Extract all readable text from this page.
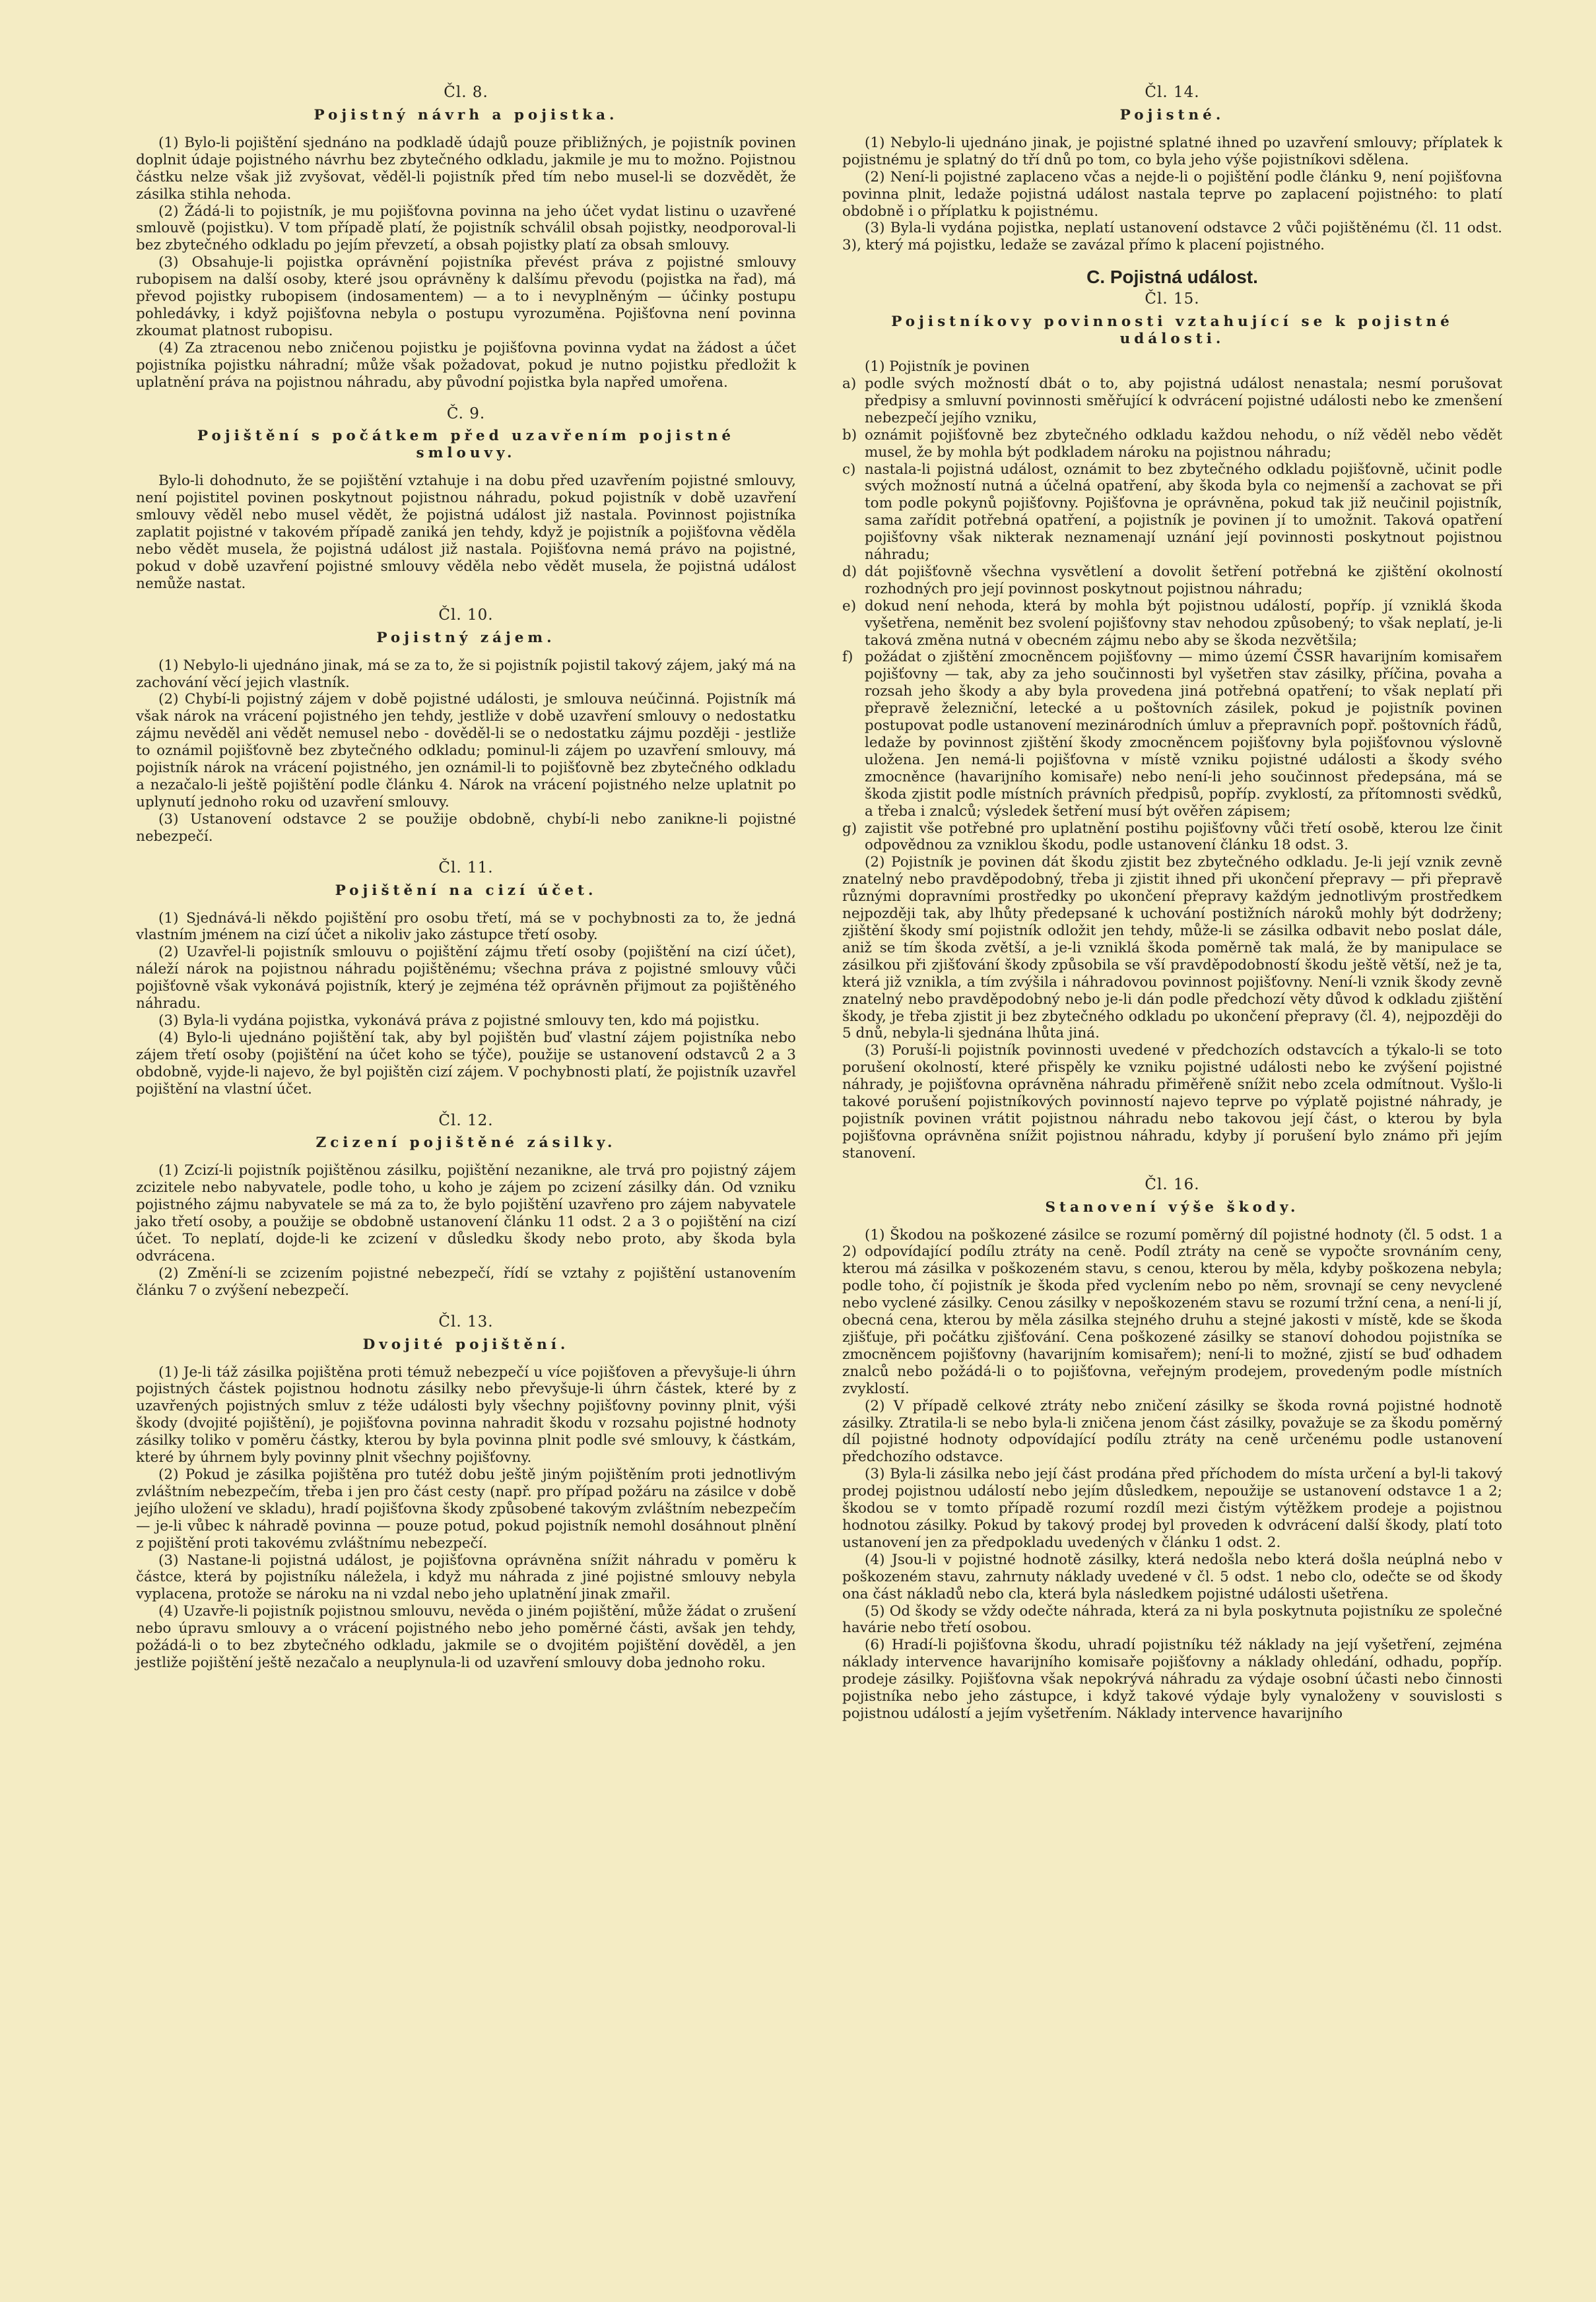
Čl. 8.
Pojistný návrh a pojistka.

(1) Bylo-li pojištění sjednáno na podkladě údajů pouze přibližných, je pojistník povinen doplnit údaje pojistného návrhu bez zbytečného odkladu, jakmile je mu to možno. Pojistnou částku nelze však již zvyšovat, věděl-li pojistník před tím nebo musel-li se dozvědět, že zásilka stihla nehoda.

(2) Žádá-li to pojistník, je mu pojišťovna povinna na jeho účet vydat listinu o uzavřené smlouvě (pojistku). V tom případě platí, že pojistník schválil obsah pojistky, neodporoval-li bez zbytečného odkladu po jejím převzetí, a obsah pojistky platí za obsah smlouvy.

(3) Obsahuje-li pojistka oprávnění pojistníka převést práva z pojistné smlouvy rubopisem na další osoby, které jsou oprávněny k dalšímu převodu (pojistka na řad), má převod pojistky rubopisem (indosamentem) — a to i nevyplněným — účinky postupu pohledávky, i když pojišťovna nebyla o postupu vyrozuměna. Pojišťovna není povinna zkoumat platnost rubopisu.

(4) Za ztracenou nebo zničenou pojistku je pojišťovna povinna vydat na žádost a účet pojistníka pojistku náhradní; může však požadovat, pokud je nutno pojistku předložit k uplatnění práva na pojistnou náhradu, aby původní pojistka byla napřed umořena.

Č. 9.
Pojištění s počátkem před uzavřením pojistné smlouvy.

Bylo-li dohodnuto, že se pojištění vztahuje i na dobu před uzavřením pojistné smlouvy, není pojistitel povinen poskytnout pojistnou náhradu, pokud pojistník v době uzavření smlouvy věděl nebo musel vědět, že pojistná událost již nastala. Povinnost pojistníka zaplatit pojistné v takovém případě zaniká jen tehdy, když je pojistník a pojišťovna věděla nebo vědět musela, že pojistná událost již nastala. Pojišťovna nemá právo na pojistné, pokud v době uzavření pojistné smlouvy věděla nebo vědět musela, že pojistná událost nemůže nastat.

Čl. 10.
Pojistný zájem.

(1) Nebylo-li ujednáno jinak, má se za to, že si pojistník pojistil takový zájem, jaký má na zachování věcí jejich vlastník.

(2) Chybí-li pojistný zájem v době pojistné události, je smlouva neúčinná. Pojistník má však nárok na vrácení pojistného jen tehdy, jestliže v době uzavření smlouvy o nedostatku zájmu nevěděl ani vědět nemusel nebo - dověděl-li se o nedostatku zájmu později - jestliže to oznámil pojišťovně bez zbytečného odkladu; pominul-li zájem po uzavření smlouvy, má pojistník nárok na vrácení pojistného, jen oznámil-li to pojišťovně bez zbytečného odkladu a nezačalo-li ještě pojištění podle článku 4. Nárok na vrácení pojistného nelze uplatnit po uplynutí jednoho roku od uzavření smlouvy.

(3) Ustanovení odstavce 2 se použije obdobně, chybí-li nebo zanikne-li pojistné nebezpečí.

Čl. 11.
Pojištění na cizí účet.

(1) Sjednává-li někdo pojištění pro osobu třetí, má se v pochybnosti za to, že jedná vlastním jménem na cizí účet a nikoliv jako zástupce třetí osoby.

(2) Uzavřel-li pojistník smlouvu o pojištění zájmu třetí osoby (pojištění na cizí účet), náleží nárok na pojistnou náhradu pojištěnému; všechna práva z pojistné smlouvy vůči pojišťovně však vykonává pojistník, který je zejména též oprávněn přijmout za pojištěného náhradu.

(3) Byla-li vydána pojistka, vykonává práva z pojistné smlouvy ten, kdo má pojistku.

(4) Bylo-li ujednáno pojištění tak, aby byl pojištěn buď vlastní zájem pojistníka nebo zájem třetí osoby (pojištění na účet koho se týče), použije se ustanovení odstavců 2 a 3 obdobně, vyjde-li najevo, že byl pojištěn cizí zájem. V pochybnosti platí, že pojistník uzavřel pojištění na vlastní účet.

Čl. 12.
Zcizení pojištěné zásilky.

(1) Zcizí-li pojistník pojištěnou zásilku, pojištění nezanikne, ale trvá pro pojistný zájem zcizitele nebo nabyvatele, podle toho, u koho je zájem po zcizení zásilky dán. Od vzniku pojistného zájmu nabyvatele se má za to, že bylo pojištění uzavřeno pro zájem nabyvatele jako třetí osoby, a použije se obdobně ustanovení článku 11 odst. 2 a 3 o pojištění na cizí účet. To neplatí, dojde-li ke zcizení v důsledku škody nebo proto, aby škoda byla odvrácena.

(2) Změní-li se zcizením pojistné nebezpečí, řídí se vztahy z pojištění ustanovením článku 7 o zvýšení nebezpečí.

Čl. 13.
Dvojité pojištění.

(1) Je-li táž zásilka pojištěna proti témuž nebezpečí u více pojišťoven a převyšuje-li úhrn pojistných částek pojistnou hodnotu zásilky nebo převyšuje-li úhrn částek, které by z uzavřených pojistných smluv z téže události byly všechny pojišťovny povinny plnit, výši škody (dvojité pojištění), je pojišťovna povinna nahradit škodu v rozsahu pojistné hodnoty zásilky toliko v poměru částky, kterou by byla povinna plnit podle své smlouvy, k částkám, které by úhrnem byly povinny plnit všechny pojišťovny.

(2) Pokud je zásilka pojištěna pro tutéž dobu ještě jiným pojištěním proti jednotlivým zvláštním nebezpečím, třeba i jen pro část cesty (např. pro případ požáru na zásilce v době jejího uložení ve skladu), hradí pojišťovna škody způsobené takovým zvláštním nebezpečím — je-li vůbec k náhradě povinna — pouze potud, pokud pojistník nemohl dosáhnout plnění z pojištění proti takovému zvláštnímu nebezpečí.

(3) Nastane-li pojistná událost, je pojišťovna oprávněna snížit náhradu v poměru k částce, která by pojistníku náležela, i když mu náhrada z jiné pojistné smlouvy nebyla vyplacena, protože se nároku na ni vzdal nebo jeho uplatnění jinak zmařil.

(4) Uzavře-li pojistník pojistnou smlouvu, nevěda o jiném pojištění, může žádat o zrušení nebo úpravu smlouvy a o vrácení pojistného nebo jeho poměrné části, avšak jen tehdy, požádá-li o to bez zbytečného odkladu, jakmile se o dvojitém pojištění dověděl, a jen jestliže pojištění ještě nezačalo a neuplynula-li od uzavření smlouvy doba jednoho roku.

Čl. 14.
Pojistné.

(1) Nebylo-li ujednáno jinak, je pojistné splatné ihned po uzavření smlouvy; přípl‌atek k pojistnému je splatný do tří dnů po tom, co byla jeho výše pojistníkovi sdělena.

(2) Není-li pojistné zaplaceno včas a nejde-li o pojištění podle článku 9, není pojišťovna povinna plnit, ledaže pojistná událost nastala teprve po zaplacení pojistného: to platí obdobně i o příplatku k pojistnému.

(3) Byla-li vydána pojistka, neplatí ustanovení odstavce 2 vůči pojištěnému (čl. 11 odst. 3), který má pojistku, ledaže se zavázal přímo k placení pojistného.

C. Pojistná událost.
Čl. 15.
Pojistníkovy povinnosti vztahující se k pojistné události.

(1) Pojistník je povinen

a) podle svých možností dbát o to, aby pojistná událost nenastala; nesmí porušovat předpisy a smluvní povinnosti směřující k odvrácení pojistné události nebo ke zmenšení nebezpečí jejího vzniku,
b) oznámit pojišťovně bez zbytečného odkladu každou nehodu, o níž věděl nebo vědět musel, že by mohla být podkladem nároku na pojistnou náhradu;
c) nastala-li pojistná událost, oznámit to bez zbytečného odkladu pojišťovně, učinit podle svých možností nutná a účelná opatření, aby škoda byla co nejmenší a zachovat se při tom podle pokynů pojišťovny. Pojišťovna je oprávněna, pokud tak již neučinil pojistník, sama zařídit potřebná opatření, a pojistník je povinen jí to umožnit. Taková opatření pojišťovny však nikterak neznamenají uznání její povinnosti poskytnout pojistnou náhradu;
d) dát pojišťovně všechna vysvětlení a dovolit šetření potřebná ke zjištění okolností rozhodných pro její povinnost poskytnout pojistnou náhradu;
e) dokud není nehoda, která by mohla být pojistnou událostí, popříp. jí vzniklá škoda vyšetřena, neměnit bez svolení pojišťovny stav nehodou způsobený; to však neplatí, je-li taková změna nutná v obecném zájmu nebo aby se škoda nezvětšila;
f) požádat o zjištění zmocněncem pojišťovny — mimo území ČSSR havarijním komisařem pojišťovny — tak, aby za jeho součinnosti byl vyšetřen stav zásilky, příčina, povaha a rozsah jeho škody a aby byla provedena jiná potřebná opatření; to však neplatí při přepravě železniční, letecké a u poštovních zásilek, pokud je pojistník povinen postupovat podle ustanovení mezinárodních úmluv a přepravních popř. poštovních řádů, ledaže by povinnost zjištění škody zmocněncem pojišťovny byla pojišťovnou výslovně uložena. Jen nemá-li pojišťovna v místě vzniku pojistné události a škody svého zmocněnce (havarijního komisaře) nebo není-li jeho součinnost předepsána, má se škoda zjistit podle místních právních předpisů, popříp. zvyklostí, za přítomnosti svědků, a třeba i znalců; výsledek šetření musí být ověřen zápisem;
g) zajistit vše potřebné pro uplatnění postihu pojišťovny vůči třetí osobě, kterou lze činit odpovědnou za vzniklou škodu, podle ustanovení článku 18 odst. 3.

(2) Pojistník je povinen dát škodu zjistit bez zbytečného odkladu. Je-li její vznik zevně znatelný nebo pravděpodobný, třeba ji zjistit ihned při ukončení přepravy — při přepravě různými dopravními prostředky po ukončení přepravy každým jednotlivým prostředkem nejpozději tak, aby lhůty předepsané k uchování postižních nároků mohly být dodrženy; zjištění škody smí pojistník odložit jen tehdy, může-li se zásilka odbavit nebo poslat dále, aniž se tím škoda zvětší, a je-li vzniklá škoda poměrně tak malá, že by manipulace se zásilkou při zjišťování škody způsobila se vší pravděpodobností škodu ještě větší, než je ta, která již vznikla, a tím zvýšila i náhradovou povinnost pojišťovny. Není-li vznik škody zevně znatelný nebo pravděpodobný nebo je-li dán podle předchozí věty důvod k odkladu zjištění škody, je třeba zjistit ji bez zbytečného odkladu po ukončení přepravy (čl. 4), nejpozději do 5 dnů, nebyla-li sjednána lhůta jiná.

(3) Poruší-li pojistník povinnosti uvedené v předchozích odstavcích a týkalo-li se toto porušení okolností, které přispěly ke vzniku pojistné události nebo ke zvýšení pojistné náhrady, je pojišťovna oprávněna náhradu přiměřeně snížit nebo zcela odmítnout. Vyšlo-li takové porušení pojistníkových povinností najevo teprve po výplatě pojistné náhrady, je pojistník povinen vrátit pojistnou náhradu nebo takovou její část, o kterou by byla pojišťovna oprávněna snížit pojistnou náhradu, kdyby jí porušení bylo známo při jejím stanovení.

Čl. 16.
Stanovení výše škody.

(1) Škodou na poškozené zásilce se rozumí poměrný díl pojistné hodnoty (čl. 5 odst. 1 a 2) odpovídající podílu ztráty na ceně. Podíl ztráty na ceně se vypočte srovnáním ceny, kterou má zásilka v poškozeném stavu, s cenou, kterou by měla, kdyby poškozena nebyla; podle toho, čí pojistník je škoda před vyclením nebo po něm, srovnají se ceny nevyclené nebo vyclené zásilky. Cenou zásilky v nepoškozeném stavu se rozumí tržní cena, a není-li jí, obecná cena, kterou by měla zásilka stejného druhu a stejné jakosti v místě, kde se škoda zjišťuje, při počátku zjišťování. Cena poškozené zásilky se stanoví dohodou pojistníka se zmocněncem pojišťovny (havarijním komisařem); není-li to možné, zjistí se buď odhadem znalců nebo požádá-li o to pojišťovna, veřejným prodejem, provedeným podle místních zvyklostí.

(2) V případě celkové ztráty nebo zničení zásilky se škoda rovná pojistné hodnotě zásilky. Ztratila-li se nebo byla-li zničena jenom část zásilky, považuje se za škodu poměrný díl pojistné hodnoty odpovídající podílu ztráty na ceně určenému podle ustanovení předchozího odstavce.

(3) Byla-li zásilka nebo její část prodána před příchodem do místa určení a byl-li takový prodej pojistnou událostí nebo jejím důsledkem, nepoužije se ustanovení odstavce 1 a 2; škodou se v tomto případě rozumí rozdíl mezi čistým výtěžkem prodeje a pojistnou hodnotou zásilky. Pokud by takový prodej byl proveden k odvrácení další škody, platí toto ustanovení jen za předpokladu uvedených v článku 1 odst. 2.

(4) Jsou-li v pojistné hodnotě zásilky, která nedošla nebo která došla neúplná nebo v poškozeném stavu, zahrnuty náklady uvedené v čl. 5 odst. 1 nebo clo, odečte se od škody ona část nákladů nebo cla, která byla následkem pojistné události ušetřena.

(5) Od škody se vždy odečte náhrada, která za ni byla poskytnuta pojistníku ze společné havárie nebo třetí osobou.

(6) Hradí-li pojišťovna škodu, uhradí pojistníku též náklady na její vyšetření, zejména náklady intervence havarijního komisaře pojišťovny a náklady ohledání, odhadu, popříp. prodeje zásilky. Pojišťovna však nepokrývá náhradu za výdaje osobní účasti nebo činnosti pojistníka nebo jeho zástupce, i když takové výdaje byly vynaloženy v souvislosti s pojistnou událostí a jejím vyšetřením. Náklady intervence havarijního
